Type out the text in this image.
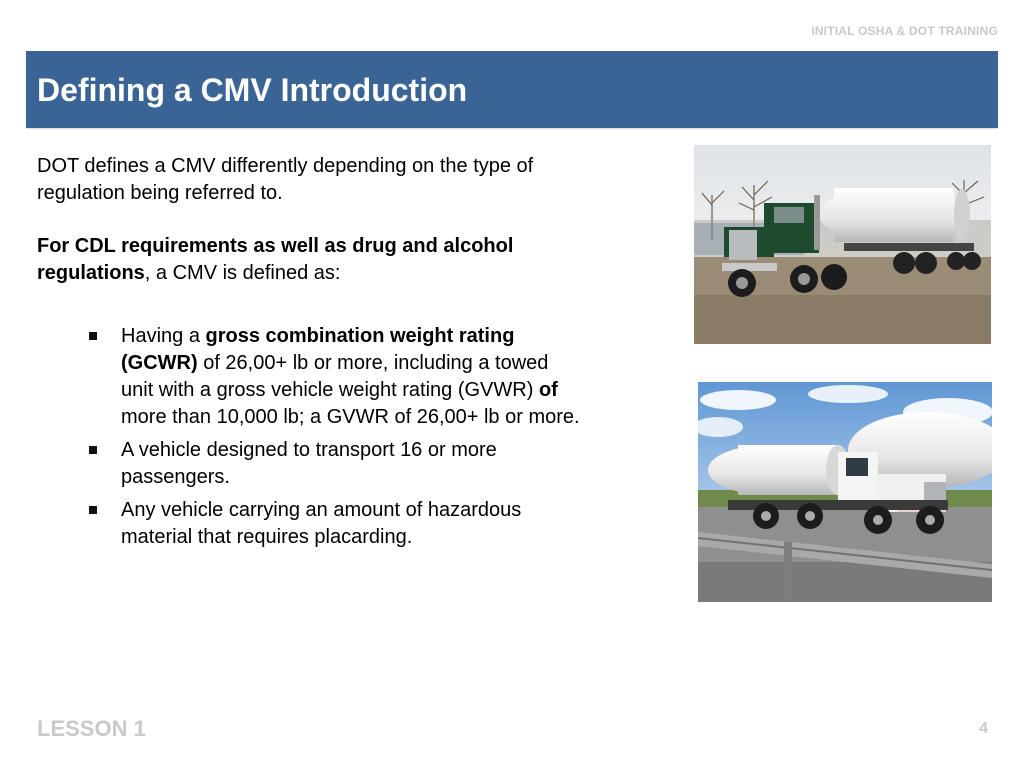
INITIAL OSHA & DOT TRAINING
Defining a CMV Introduction

DOT defines a CMV differently depending on the type of regulation being referred to.

For CDL requirements as well as drug and alcohol regulations, a CMV is defined as:

Having a gross combination weight rating (GCWR) of 26,00+ lb or more, including a towed unit with a gross vehicle weight rating (GVWR) of more than 10,000 lb; a GVWR of 26,00+ lb or more.
A vehicle designed to transport 16 or more passengers.
Any vehicle carrying an amount of hazardous material that requires placarding.
LESSON 1	4
